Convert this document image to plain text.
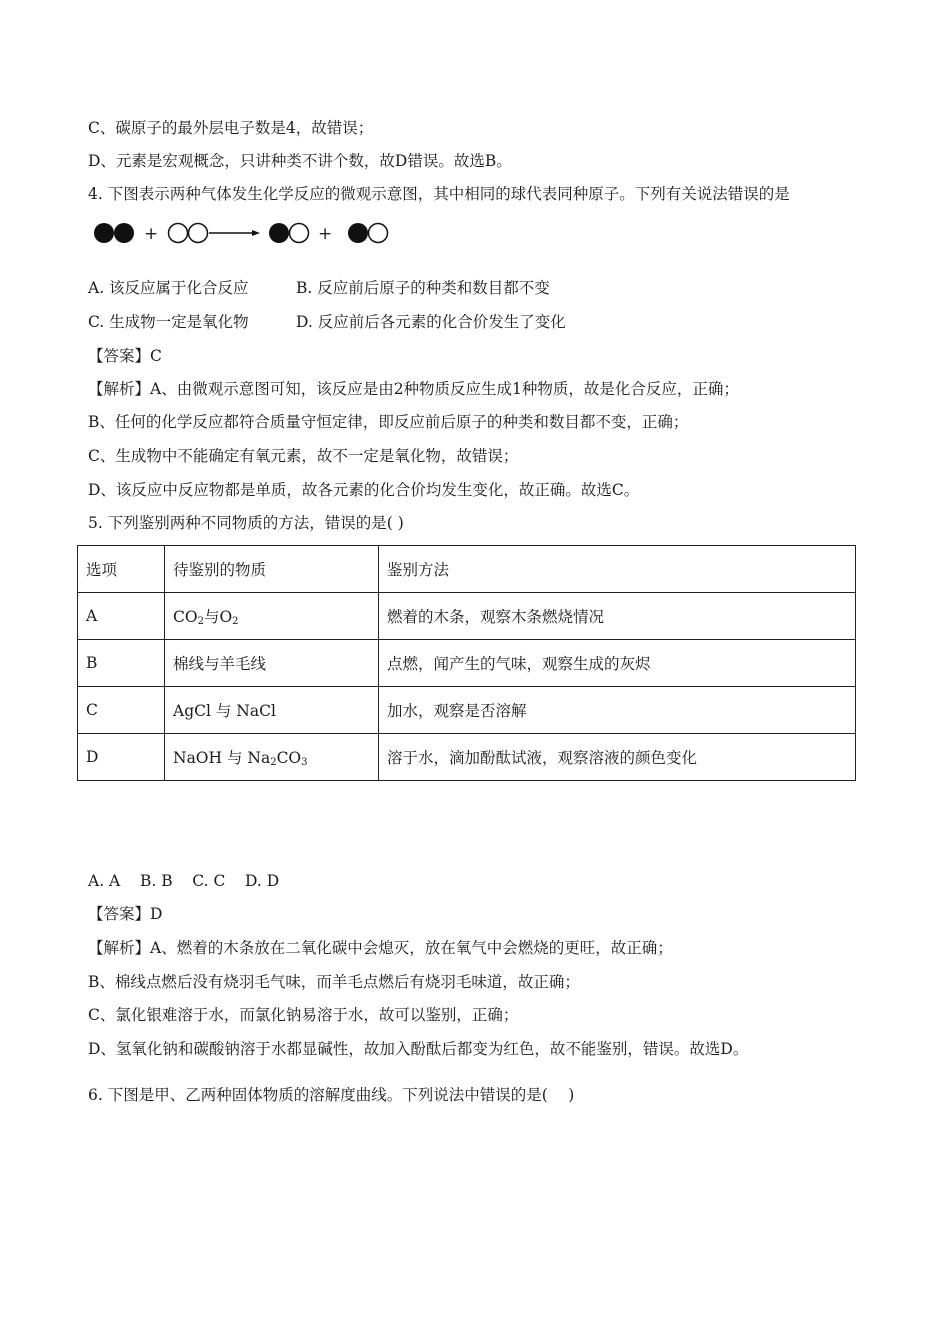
C、碳原子的最外层电子数是4，故错误；
D、元素是宏观概念，只讲种类不讲个数，故D错误。故选B。
4. 下图表示两种气体发生化学反应的微观示意图，其中相同的球代表同种原子。下列有关说法错误的是
+	+
A. 该反应属于化合反应	B. 反应前后原子的种类和数目都不变
C. 生成物一定是氧化物	D. 反应前后各元素的化合价发生了变化
【答案】C
【解析】A、由微观示意图可知，该反应是由2种物质反应生成1种物质，故是化合反应，正确；
B、任何的化学反应都符合质量守恒定律，即反应前后原子的种类和数目都不变，正确；
C、生成物中不能确定有氧元素，故不一定是氧化物，故错误；
D、该反应中反应物都是单质，故各元素的化合价均发生变化，故正确。故选C。
5. 下列鉴别两种不同物质的方法，错误的是( )
选项	待鉴别的物质	鉴别方法
A	$CO_2$与$O_2$	燃着的木条，观察木条燃烧情况
B	棉线与羊毛线	点燃，闻产生的气味，观察生成的灰烬
C	AgCl 与 NaCl	加水，观察是否溶解
D	NaOH 与 $Na_2CO_3$	溶于水，滴加酚酞试液，观察溶液的颜色变化
A. A    B. B    C. C    D. D
【答案】D
【解析】A、燃着的木条放在二氧化碳中会熄灭，放在氧气中会燃烧的更旺，故正确；
B、棉线点燃后没有烧羽毛气味，而羊毛点燃后有烧羽毛味道，故正确；
C、氯化银难溶于水，而氯化钠易溶于水，故可以鉴别，正确；
D、氢氧化钠和碳酸钠溶于水都显碱性，故加入酚酞后都变为红色，故不能鉴别，错误。故选D。
6. 下图是甲、乙两种固体物质的溶解度曲线。下列说法中错误的是(　 )
